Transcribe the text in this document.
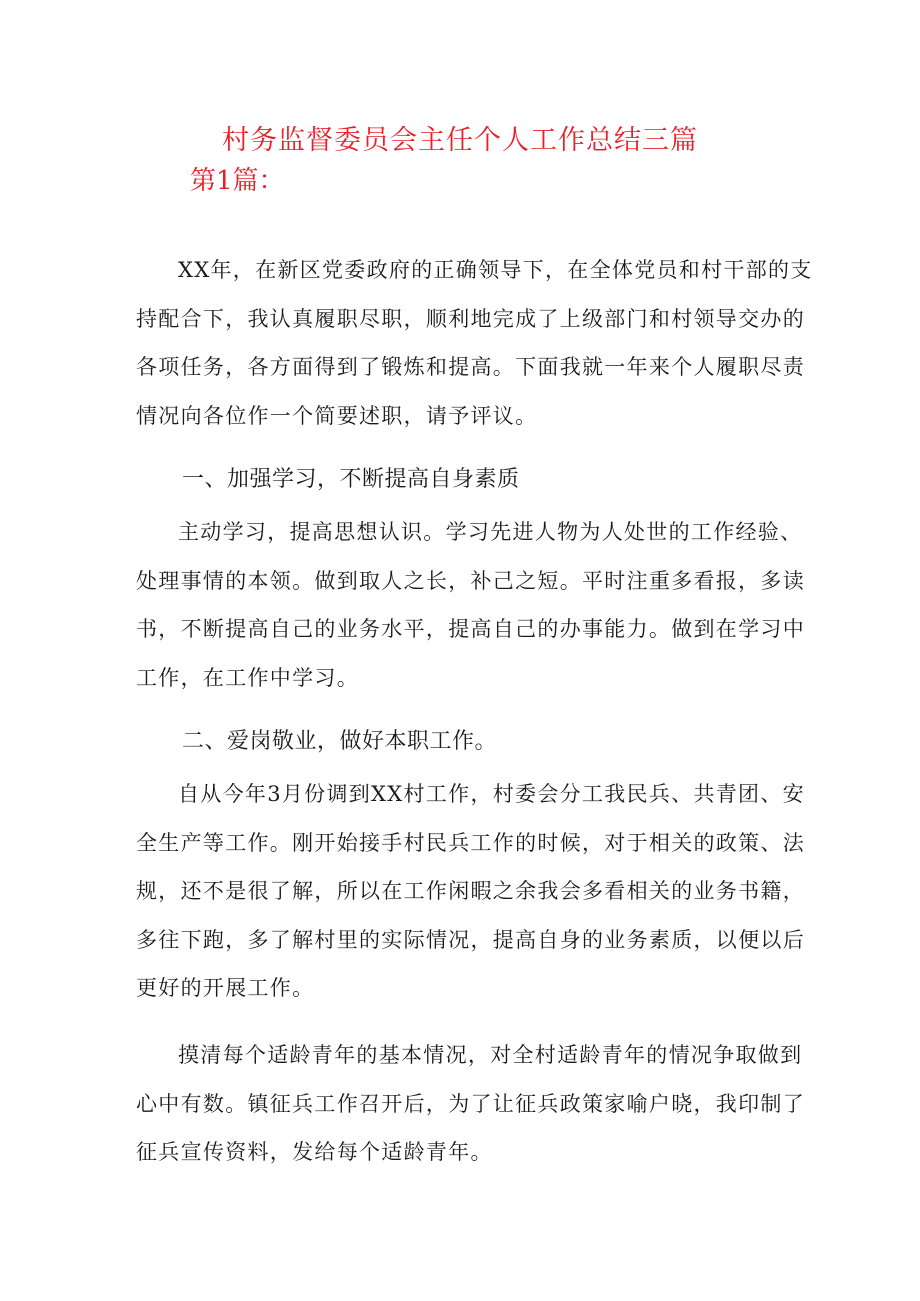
村务监督委员会主任个人工作总结三篇
第1篇：
XX年，在新区党委政府的正确领导下，在全体党员和村干部的支
持配合下，我认真履职尽职，顺利地完成了上级部门和村领导交办的
各项任务，各方面得到了锻炼和提高。下面我就一年来个人履职尽责
情况向各位作一个简要述职，请予评议。
一、加强学习，不断提高自身素质
主动学习，提高思想认识。学习先进人物为人处世的工作经验、
处理事情的本领。做到取人之长，补己之短。平时注重多看报，多读
书，不断提高自己的业务水平，提高自己的办事能力。做到在学习中
工作，在工作中学习。
二、爱岗敬业，做好本职工作。
自从今年3月份调到XX村工作，村委会分工我民兵、共青团、安
全生产等工作。刚开始接手村民兵工作的时候，对于相关的政策、法
规，还不是很了解，所以在工作闲暇之余我会多看相关的业务书籍，
多往下跑，多了解村里的实际情况，提高自身的业务素质，以便以后
更好的开展工作。
摸清每个适龄青年的基本情况，对全村适龄青年的情况争取做到
心中有数。镇征兵工作召开后，为了让征兵政策家喻户晓，我印制了
征兵宣传资料，发给每个适龄青年。
